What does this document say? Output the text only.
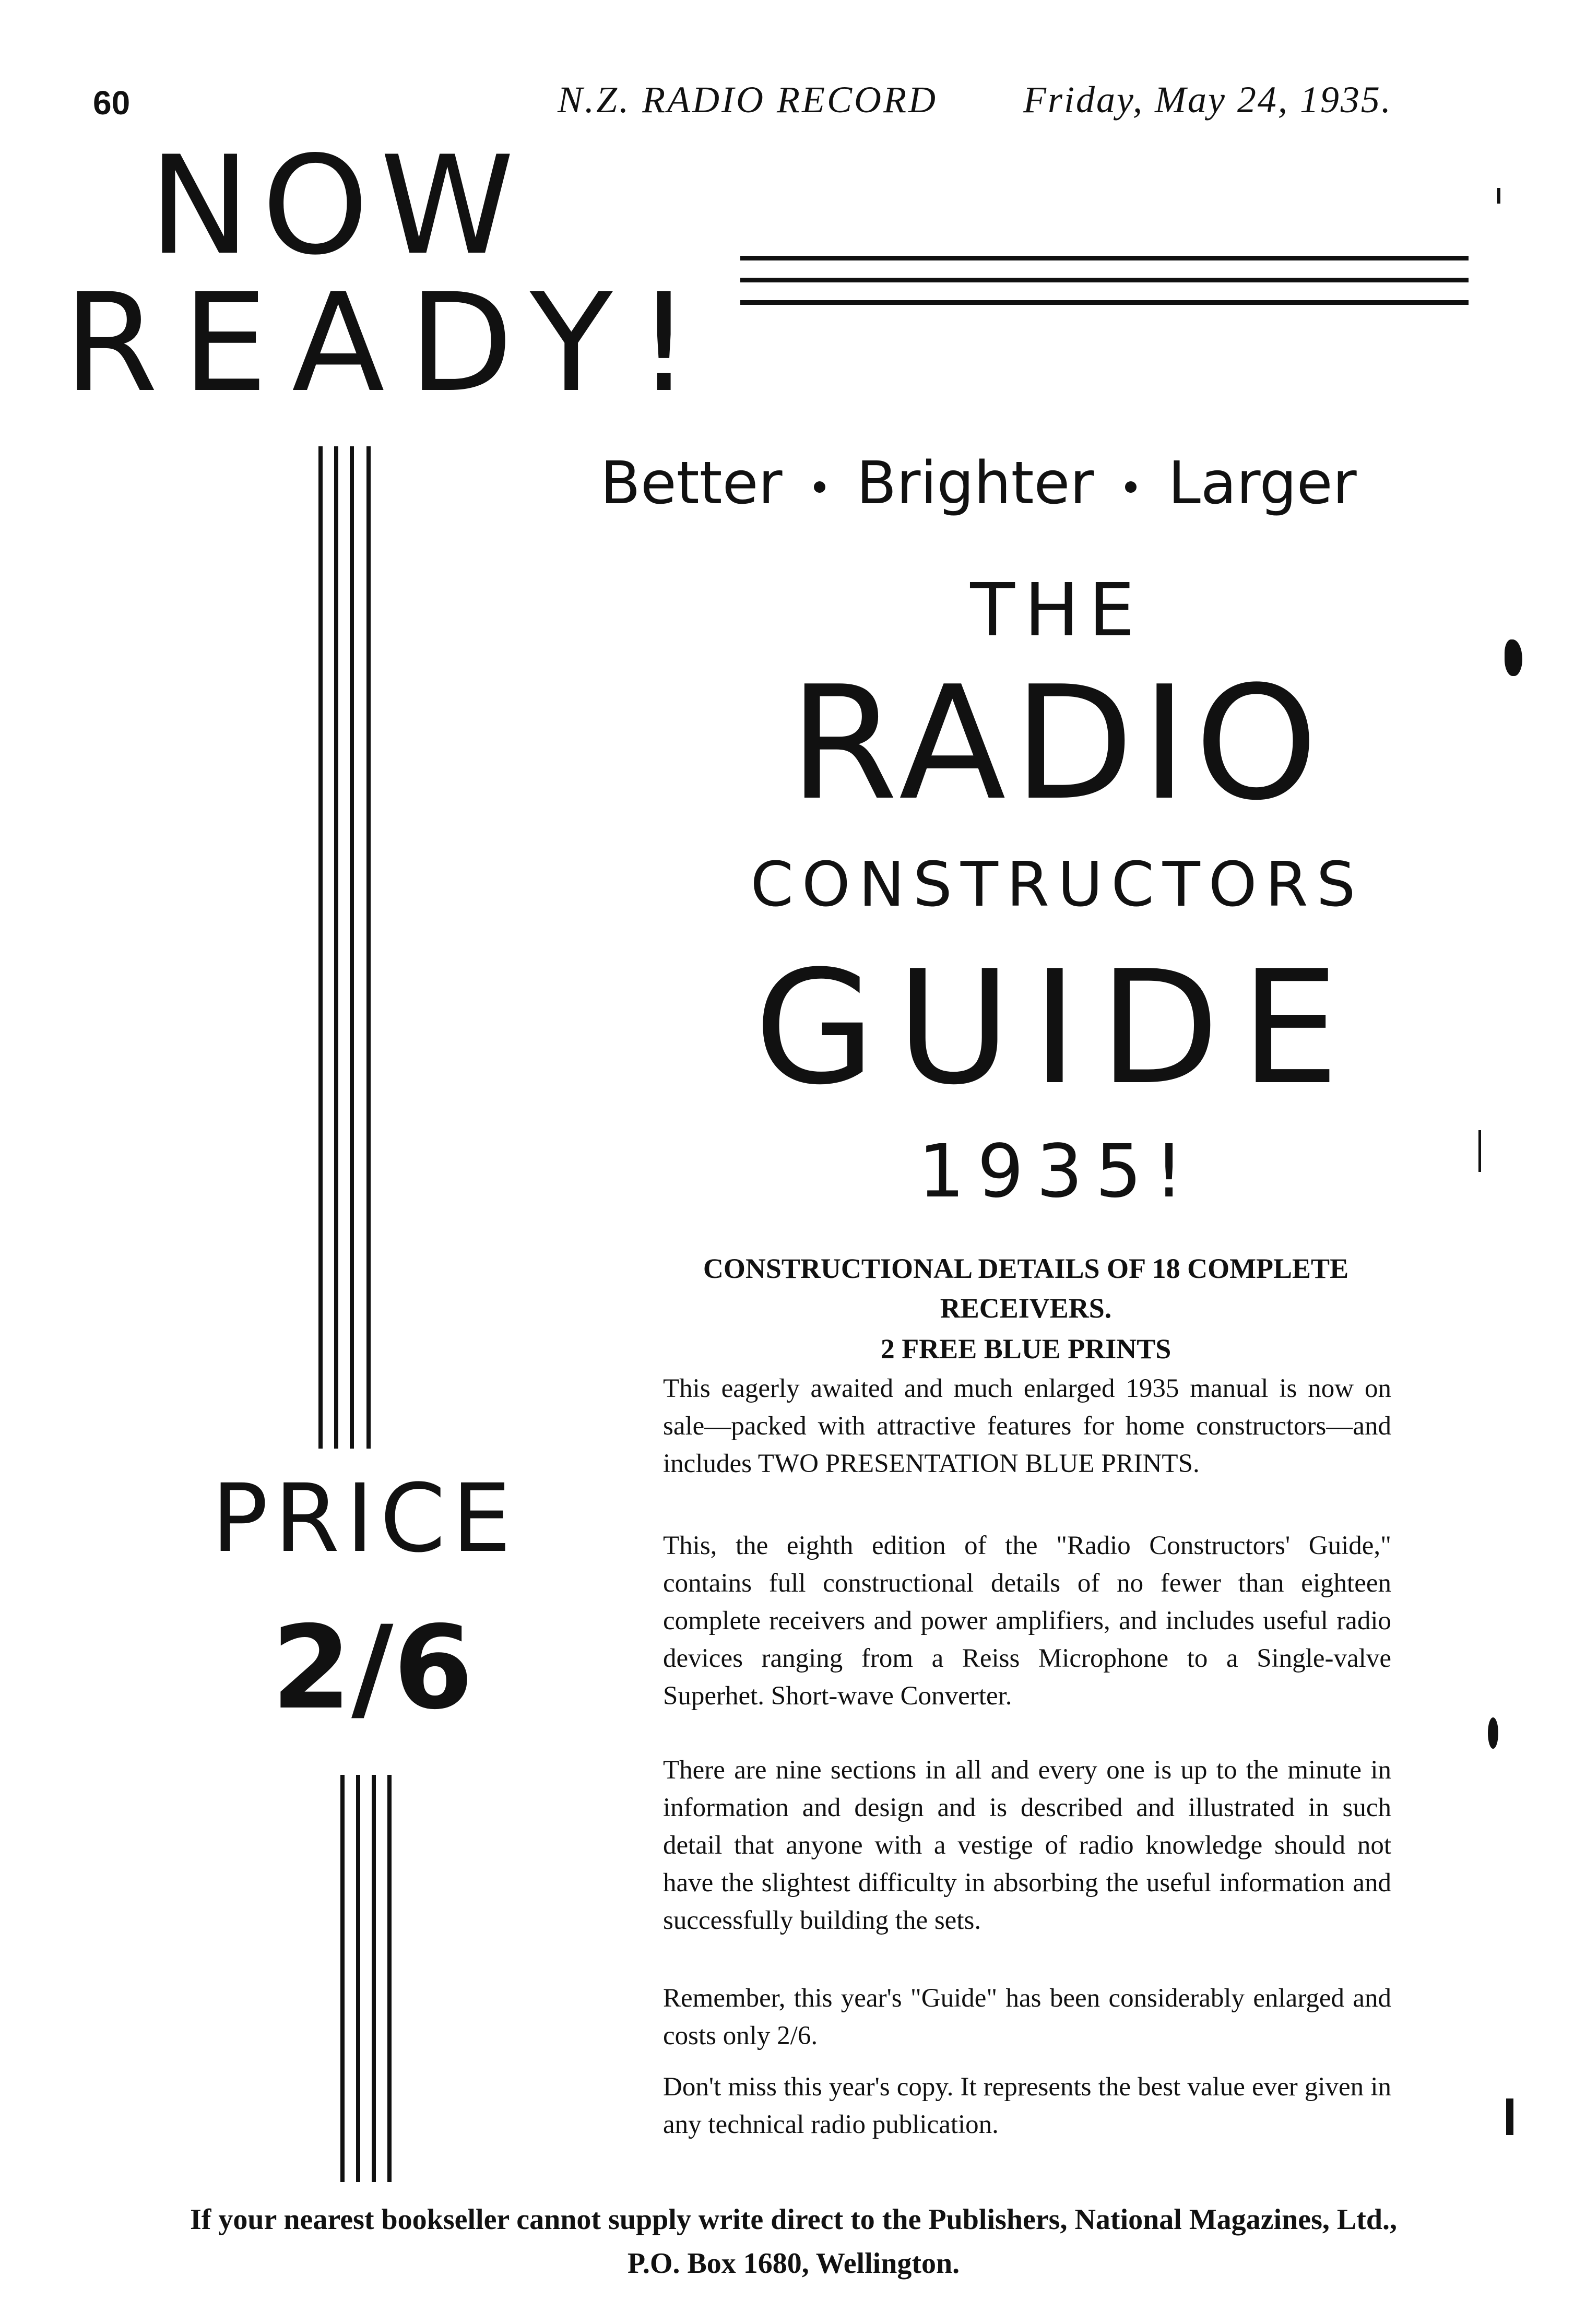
60	N.Z. RADIO RECORD Friday, May 24, 1935.
NOW
READY!
Better Brighter Larger
THE
RADIO
CONSTRUCTORS
GUIDE
1935!
PRICE
2/6
CONSTRUCTIONAL DETAILS OF 18 COMPLETE RECEIVERS.
2 FREE BLUE PRINTS

This eagerly awaited and much enlarged 1935 manual is now on sale—packed with attractive features for home constructors—and includes TWO PRESENTATION BLUE PRINTS.

This, the eighth edition of the "Radio Constructors' Guide," contains full constructional details of no fewer than eighteen complete receivers and power amplifiers, and includes useful radio devices ranging from a Reiss Microphone to a Single-valve Superhet. Short-wave Converter.

There are nine sections in all and every one is up to the minute in information and design and is described and illustrated in such detail that anyone with a vestige of radio knowledge should not have the slightest difficulty in absorbing the useful information and successfully building the sets.

Remember, this year's "Guide" has been considerably enlarged and costs only 2/6.

Don't miss this year's copy. It represents the best value ever given in any technical radio publication.

If your nearest bookseller cannot supply write direct to the Publishers, National Magazines, Ltd.,
P.O. Box 1680, Wellington.
